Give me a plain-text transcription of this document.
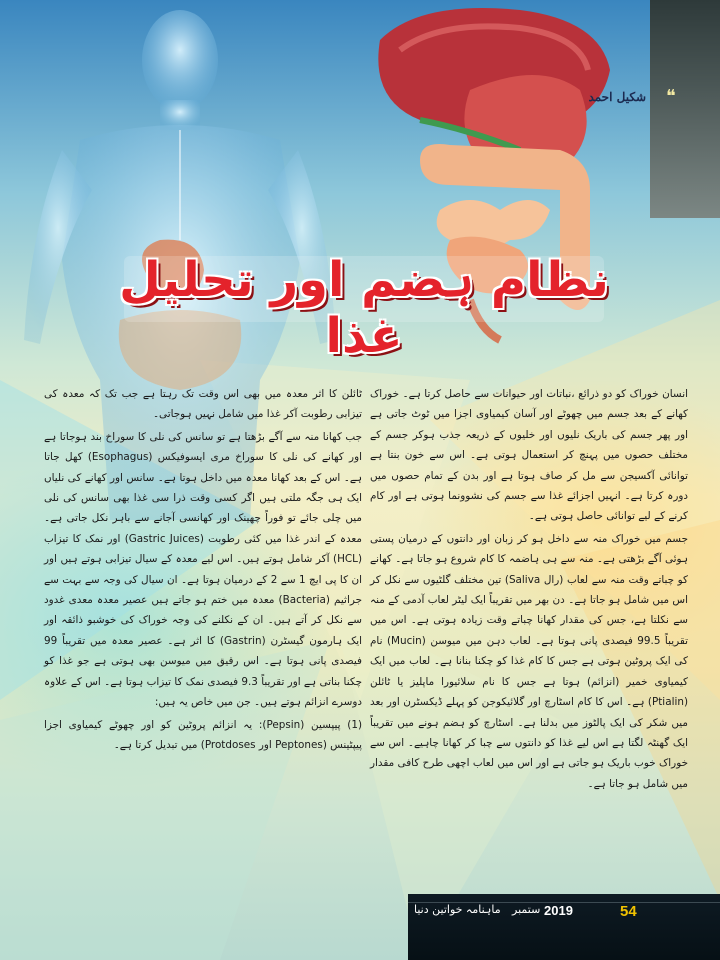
❝
شکیل احمد
نظام ہضم اور تحلیل غذا

انسان خوراک کو دو ذرائع ،نباتات اور حیوانات سے حاصل کرتا ہے۔ خوراک کھانے کے بعد جسم میں چھوٹے اور آسان کیمیاوی اجزا میں ٹوٹ جاتی ہے اور پھر جسم کی باریک نلیوں اور خلیوں کے ذریعہ جذب ہوکر جسم کے مختلف حصوں میں پہنچ کر استعمال ہوتی ہے۔ اس سے خون بنتا ہے توانائی آکسیجن سے مل کر صاف ہوتا ہے اور بدن کے تمام حصوں میں دورہ کرتا ہے۔ انہیں اجزائے غذا سے جسم کی نشوونما ہوتی ہے اور کام کرنے کے لیے توانائی حاصل ہوتی ہے۔

جسم میں خوراک منہ سے داخل ہو کر زبان اور دانتوں کے درمیان پستی ہوئی آگے بڑھتی ہے۔ منہ سے ہی ہاضمہ کا کام شروع ہو جاتا ہے۔ کھانے کو چباتے وقت منہ سے لعاب (رال Saliva) تین مختلف گلٹیوں سے نکل کر اس میں شامل ہو جاتا ہے۔ دن بھر میں تقریباً ایک لیٹر لعاب آدمی کے منہ سے نکلتا ہے، جس کی مقدار کھانا چباتے وقت زیادہ ہوتی ہے۔ اس میں تقریباً 99.5 فیصدی پانی ہوتا ہے۔ لعاب دہن میں میوسن (Mucin) نام کی ایک پروٹین ہوتی ہے جس کا کام غذا کو چکنا بنانا ہے۔ لعاب میں ایک کیمیاوی خمیر (انزائم) ہوتا ہے جس کا نام سلائیورا ماپلیز یا ٹائلن (Ptialin) ہے۔ اس کا کام اسٹارچ اور گلائیکوجن کو پہلے ڈیکسٹرن اور بعد میں شکر کی ایک پالٹوز میں بدلنا ہے۔ اسٹارچ کو ہضم ہونے میں تقریباً ایک گھنٹہ لگتا ہے اس لیے غذا کو دانتوں سے چبا کر کھانا چاہیے۔ اس سے خوراک خوب باریک ہو جاتی ہے اور اس میں لعاب اچھی طرح کافی مقدار میں شامل ہو جاتا ہے۔

ٹائلن کا اثر معدہ میں بھی اس وقت تک رہتا ہے جب تک کہ معدہ کی تیزابی رطوبت آکر غذا میں شامل نہیں ہوجاتی۔

جب کھانا منہ سے آگے بڑھتا ہے تو سانس کی نلی کا سوراخ بند ہوجاتا ہے اور کھانے کی نلی کا سوراخ مری ایسوفیکس (Esophagus) کھل جاتا ہے۔ اس کے بعد کھانا معدہ میں داخل ہوتا ہے۔ سانس اور کھانے کی نلیاں ایک ہی جگہ ملتی ہیں اگر کسی وقت ذرا سی غذا بھی سانس کی نلی میں چلی جائے تو فوراً چھینک اور کھانسی آجانے سے باہر نکل جاتی ہے۔ معدہ کے اندر غذا میں کئی رطوبت (Gastric Juices) اور نمک کا تیزاب (HCL) آکر شامل ہوتے ہیں۔ اس لیے معدہ کے سیال تیزابی ہوتے ہیں اور ان کا پی ایچ 1 سے 2 کے درمیان ہوتا ہے۔ ان سیال کی وجہ سے بہت سے جراثیم (Bacteria) معدہ میں ختم ہو جاتے ہیں عصیر معدہ معدی غدود سے نکل کر آتے ہیں۔ ان کے نکلنے کی وجہ خوراک کی خوشبو ذائقہ اور ایک ہارمون گیسٹرن (Gastrin) کا اثر ہے۔ عصیر معدہ میں تقریباً 99 فیصدی پانی ہوتا ہے۔ اس رقیق میں میوسن بھی ہوتی ہے جو غذا کو چکنا بناتی ہے اور تقریباً 9.3 فیصدی نمک کا تیزاب ہوتا ہے۔ اس کے علاوہ دوسرے انزائم ہوتے ہیں۔ جن میں خاص یہ ہیں:

(1) پیپسین (Pepsin): یہ انزائم پروٹین کو اور چھوٹے کیمیاوی اجزا پیپٹینس (Peptones اور Protdoses) میں تبدیل کرتا ہے۔

54
2019
ستمبر
ماہنامہ خواتین دنیا
